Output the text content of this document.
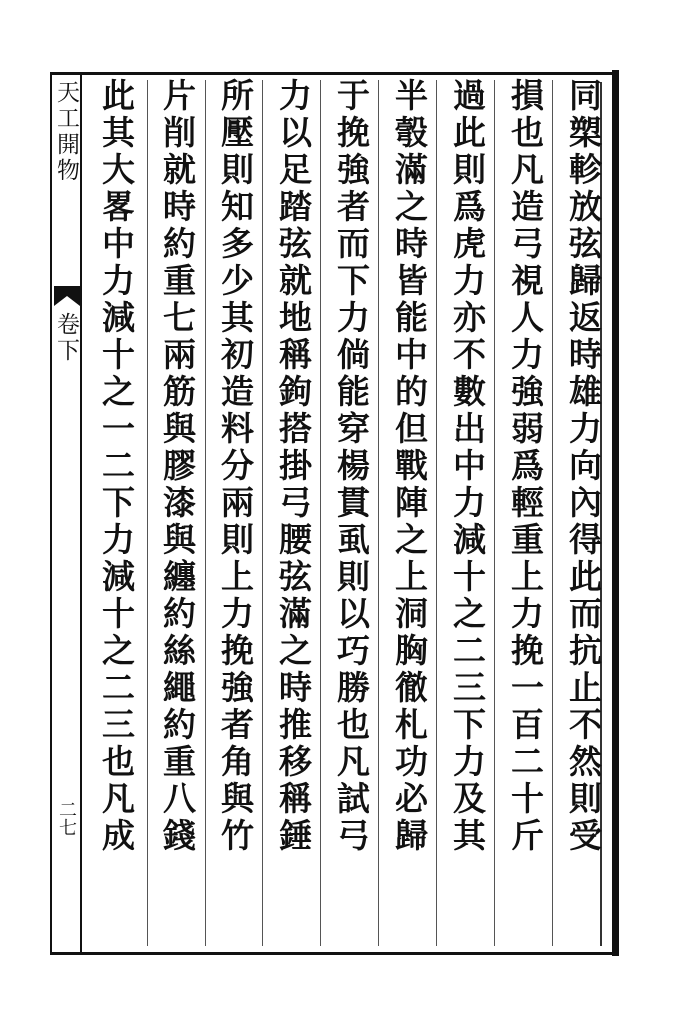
天工開物
卷下
二七	同槊軫放弦歸返時雄力向內得此而抗止不然則受
損也凡造弓視人力強弱爲輕重上力挽一百二十斤
過此則爲虎力亦不數出中力減十之二三下力及其
半彀滿之時皆能中的但戰陣之上洞胸徹札功必歸
于挽強者而下力倘能穿楊貫虱則以巧勝也凡試弓
力以足踏弦就地稱鉤搭掛弓腰弦滿之時推移稱錘
所壓則知多少其初造料分兩則上力挽強者角與竹
片削就時約重七兩筋與膠漆與纏約絲繩約重八錢
此其大畧中力減十之一二下力減十之二三也凡成
